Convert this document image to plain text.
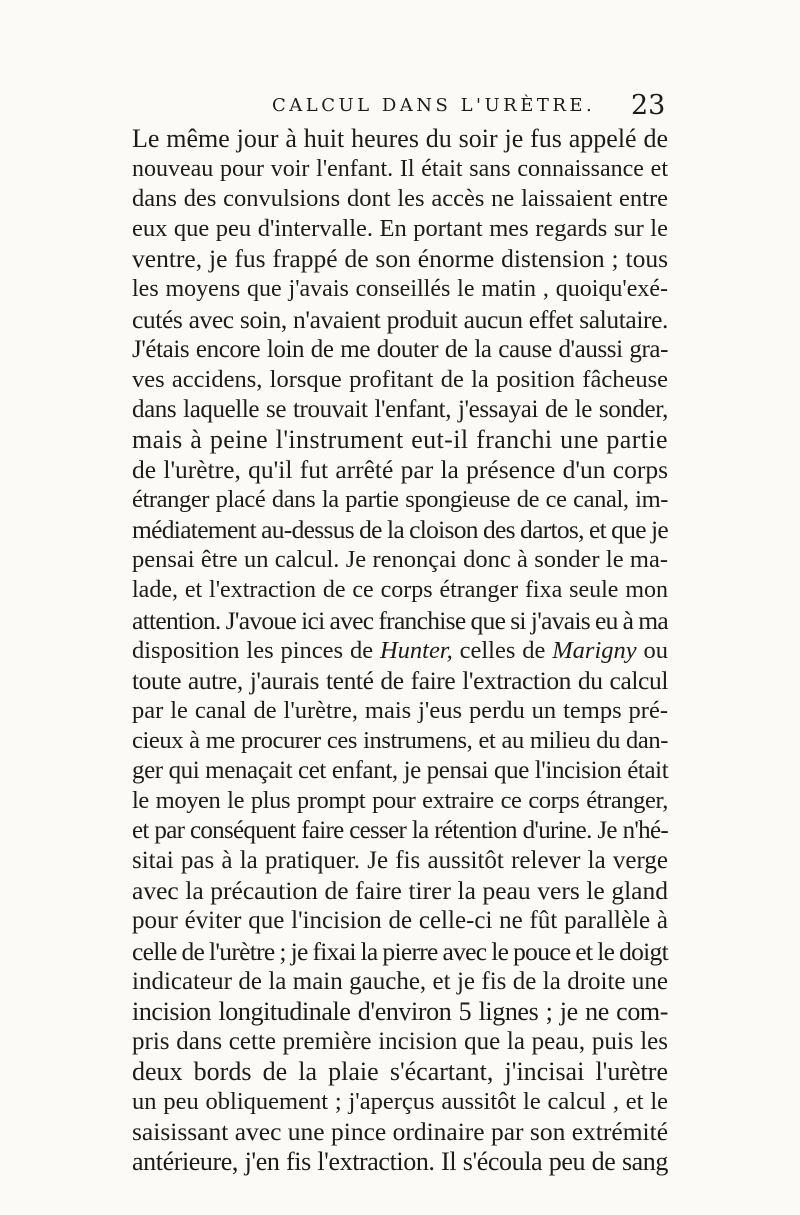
CALCUL DANS L'URÈTRE. 23
Le même jour à huit heures du soir je fus appelé de
nouveau pour voir l'enfant. Il était sans connaissance et
dans des convulsions dont les accès ne laissaient entre
eux que peu d'intervalle. En portant mes regards sur le
ventre, je fus frappé de son énorme distension ; tous
les moyens que j'avais conseillés le matin , quoiqu'exé-
cutés avec soin, n'avaient produit aucun effet salutaire.
J'étais encore loin de me douter de la cause d'aussi gra-
ves accidens, lorsque profitant de la position fâcheuse
dans laquelle se trouvait l'enfant, j'essayai de le sonder,
mais à peine l'instrument eut-il franchi une partie
de l'urètre, qu'il fut arrêté par la présence d'un corps
étranger placé dans la partie spongieuse de ce canal, im-
médiatement au-dessus de la cloison des dartos, et que je
pensai être un calcul. Je renonçai donc à sonder le ma-
lade, et l'extraction de ce corps étranger fixa seule mon
attention. J'avoue ici avec franchise que si j'avais eu à ma
disposition les pinces de Hunter, celles de Marigny ou
toute autre, j'aurais tenté de faire l'extraction du calcul
par le canal de l'urètre, mais j'eus perdu un temps pré-
cieux à me procurer ces instrumens, et au milieu du dan-
ger qui menaçait cet enfant, je pensai que l'incision était
le moyen le plus prompt pour extraire ce corps étranger,
et par conséquent faire cesser la rétention d'urine. Je n'hé-
sitai pas à la pratiquer. Je fis aussitôt relever la verge
avec la précaution de faire tirer la peau vers le gland
pour éviter que l'incision de celle-ci ne fût parallèle à
celle de l'urètre ; je fixai la pierre avec le pouce et le doigt
indicateur de la main gauche, et je fis de la droite une
incision longitudinale d'environ 5 lignes ; je ne com-
pris dans cette première incision que la peau, puis les
deux bords de la plaie s'écartant, j'incisai l'urètre
un peu obliquement ; j'aperçus aussitôt le calcul , et le
saisissant avec une pince ordinaire par son extrémité
antérieure, j'en fis l'extraction. Il s'écoula peu de sang
